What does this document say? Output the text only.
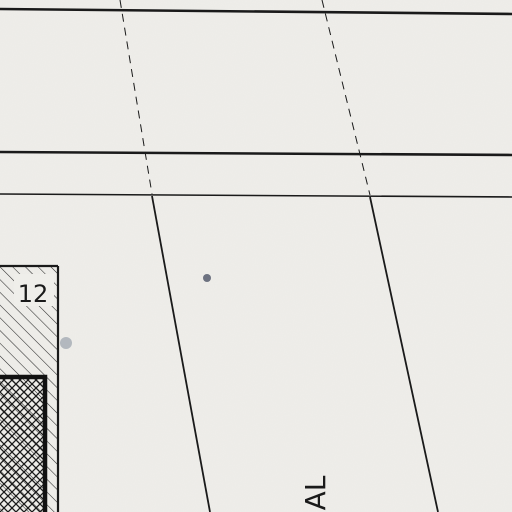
12
AL
